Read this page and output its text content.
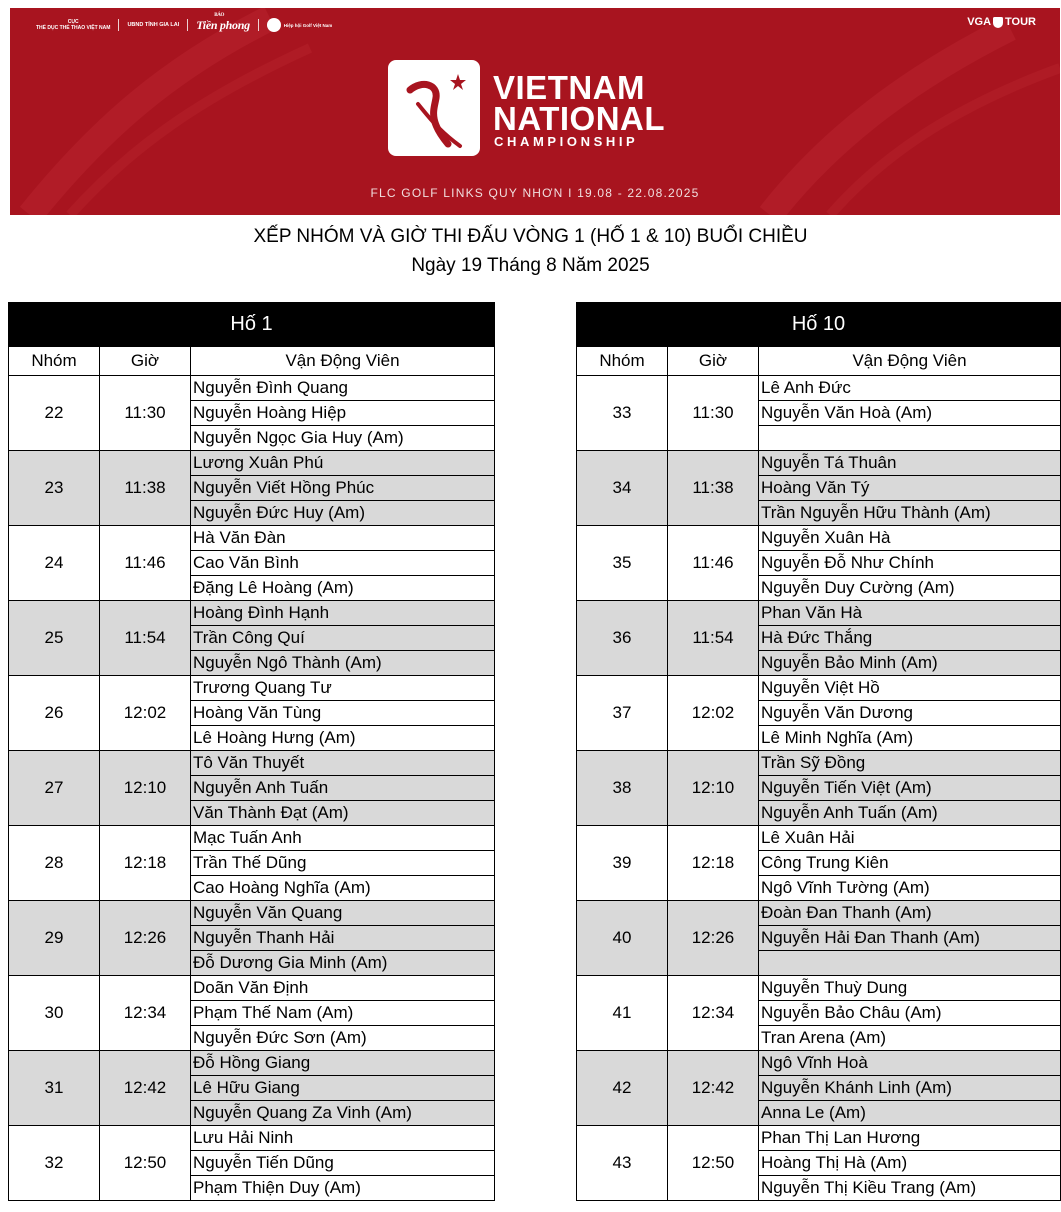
CỤC
THỂ DỤC THỂ THAO VIỆT NAM	UBND TỈNH GIA LAI
BÁO
Tiền phong	Hiệp hội Golf Việt Nam	VGA TOUR
VIETNAM
NATIONAL
CHAMPIONSHIP
FLC GOLF LINKS QUY NHƠN I 19.08 - 22.08.2025
XẾP NHÓM VÀ GIỜ THI ĐẤU VÒNG 1 (HỐ 1 & 10) BUỔI CHIỀU
Ngày 19 Tháng 8 Năm 2025
Hố 1		
Nhóm	Giờ	Vận Động Viên
22	11:30	Nguyễn Đình Quang
		Nguyễn Hoàng Hiệp
		Nguyễn Ngọc Gia Huy (Am)
23	11:38	Lương Xuân Phú
		Nguyễn Viết Hồng Phúc
		Nguyễn Đức Huy (Am)
24	11:46	Hà Văn Đàn
		Cao Văn Bình
		Đặng Lê Hoàng (Am)
25	11:54	Hoàng Đình Hạnh
		Trần Công Quí
		Nguyễn Ngô Thành (Am)
26	12:02	Trương Quang Tư
		Hoàng Văn Tùng
		Lê Hoàng Hưng (Am)
27	12:10	Tô Văn Thuyết
		Nguyễn Anh Tuấn
		Văn Thành Đạt (Am)
28	12:18	Mạc Tuấn Anh
		Trần Thế Dũng
		Cao Hoàng Nghĩa (Am)
29	12:26	Nguyễn Văn Quang
		Nguyễn Thanh Hải
		Đỗ Dương Gia Minh (Am)
30	12:34	Doãn Văn Định
		Phạm Thế Nam (Am)
		Nguyễn Đức Sơn (Am)
31	12:42	Đỗ Hồng Giang
		Lê Hữu Giang
		Nguyễn Quang Za Vinh (Am)
32	12:50	Lưu Hải Ninh
		Nguyễn Tiến Dũng
		Phạm Thiện Duy (Am)
Hố 10		
Nhóm	Giờ	Vận Động Viên
33	11:30	Lê Anh Đức
		Nguyễn Văn Hoà (Am)

34	11:38	Nguyễn Tá Thuân
		Hoàng Văn Tý
		Trần Nguyễn Hữu Thành (Am)
35	11:46	Nguyễn Xuân Hà
		Nguyễn Đỗ Như Chính
		Nguyễn Duy Cường (Am)
36	11:54	Phan Văn Hà
		Hà Đức Thắng
		Nguyễn Bảo Minh (Am)
37	12:02	Nguyễn Việt Hồ
		Nguyễn Văn Dương
		Lê Minh Nghĩa (Am)
38	12:10	Trần Sỹ Đồng
		Nguyễn Tiến Việt (Am)
		Nguyễn Anh Tuấn (Am)
39	12:18	Lê Xuân Hải
		Công Trung Kiên
		Ngô Vĩnh Tường (Am)
40	12:26	Đoàn Đan Thanh (Am)
		Nguyễn Hải Đan Thanh (Am)

41	12:34	Nguyễn Thuỳ Dung
		Nguyễn Bảo Châu (Am)
		Tran Arena (Am)
42	12:42	Ngô Vĩnh Hoà
		Nguyễn Khánh Linh (Am)
		Anna Le (Am)
43	12:50	Phan Thị Lan Hương
		Hoàng Thị Hà (Am)
		Nguyễn Thị Kiều Trang (Am)
